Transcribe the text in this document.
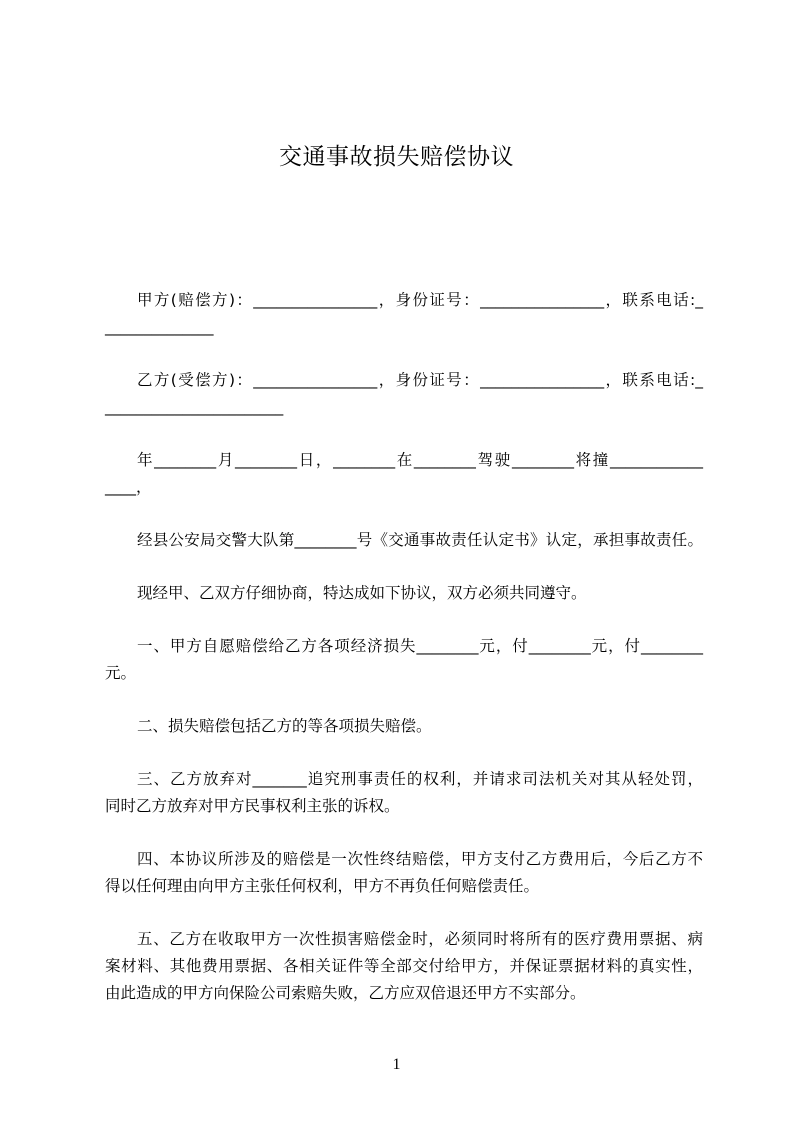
交通事故损失赔偿协议
甲方(赔偿方)：________________，身份证号：________________，联系电话:_
______________
乙方(受偿方)：________________，身份证号：________________，联系电话:_
_______________________
年________月________日，________在________驾驶________将撞____________
____，
经县公安局交警大队第________号《交通事故责任认定书》认定，承担事故责任。
现经甲、乙双方仔细协商，特达成如下协议，双方必须共同遵守。
一、甲方自愿赔偿给乙方各项经济损失________元，付________元，付________
元。
二、损失赔偿包括乙方的等各项损失赔偿。
三、乙方放弃对_______追究刑事责任的权利，并请求司法机关对其从轻处罚，
同时乙方放弃对甲方民事权利主张的诉权。
四、本协议所涉及的赔偿是一次性终结赔偿，甲方支付乙方费用后，今后乙方不
得以任何理由向甲方主张任何权利，甲方不再负任何赔偿责任。
五、乙方在收取甲方一次性损害赔偿金时，必须同时将所有的医疗费用票据、病
案材料、其他费用票据、各相关证件等全部交付给甲方，并保证票据材料的真实性，
由此造成的甲方向保险公司索赔失败，乙方应双倍退还甲方不实部分。
1
